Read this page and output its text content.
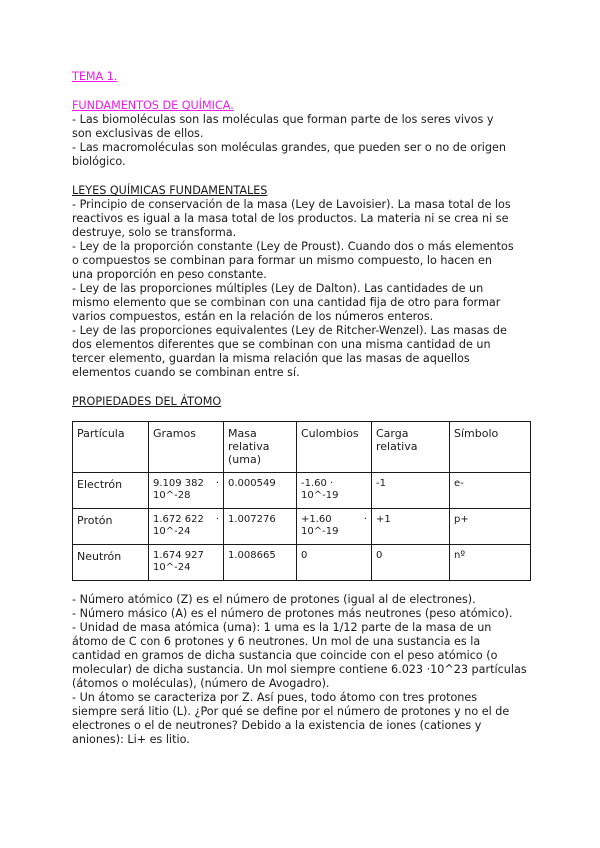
TEMA 1.
FUNDAMENTOS DE QUÍMICA.
- Las biomoléculas son las moléculas que forman parte de los seres vivos y
son exclusivas de ellos.
- Las macromoléculas son moléculas grandes, que pueden ser o no de origen
biológico.
LEYES QUÍMICAS FUNDAMENTALES
- Principio de conservación de la masa (Ley de Lavoisier). La masa total de los
reactivos es igual a la masa total de los productos. La materia ni se crea ni se
destruye, solo se transforma.
- Ley de la proporción constante (Ley de Proust). Cuando dos o más elementos
o compuestos se combinan para formar un mismo compuesto, lo hacen en
una proporción en peso constante.
- Ley de las proporciones múltiples (Ley de Dalton). Las cantidades de un
mismo elemento que se combinan con una cantidad fija de otro para formar
varios compuestos, están en la relación de los números enteros.
- Ley de las proporciones equivalentes (Ley de Ritcher-Wenzel). Las masas de
dos elementos diferentes que se combinan con una misma cantidad de un
tercer elemento, guardan la misma relación que las masas de aquellos
elementos cuando se combinan entre sí.
PROPIEDADES DEL ÁTOMO
Partícula	Gramos	Masa relativa (uma)	Culombios	Carga relativa	Símbolo
Electrón	·
9.109 382
10^-28	0.000549	-1.60 · 10^-19	-1	e-
Protón	·
1.672 622
10^-24	1.007276	·
+1.60
10^-19	+1	p+
Neutrón	1.674 927
10^-24	1.008665	0	0	nº
- Número atómico (Z) es el número de protones (igual al de electrones).
- Número másico (A) es el número de protones más neutrones (peso atómico).
- Unidad de masa atómica (uma): 1 uma es la 1/12 parte de la masa de un
átomo de C con 6 protones y 6 neutrones. Un mol de una sustancia es la
cantidad en gramos de dicha sustancia que coincide con el peso atómico (o
molecular) de dicha sustancia. Un mol siempre contiene 6.023 ·10^23 partículas
(átomos o moléculas), (número de Avogadro).
- Un átomo se caracteriza por Z. Así pues, todo átomo con tres protones
siempre será litio (L). ¿Por qué se define por el número de protones y no el de
electrones o el de neutrones? Debido a la existencia de iones (cationes y
aniones): Li+ es litio.
